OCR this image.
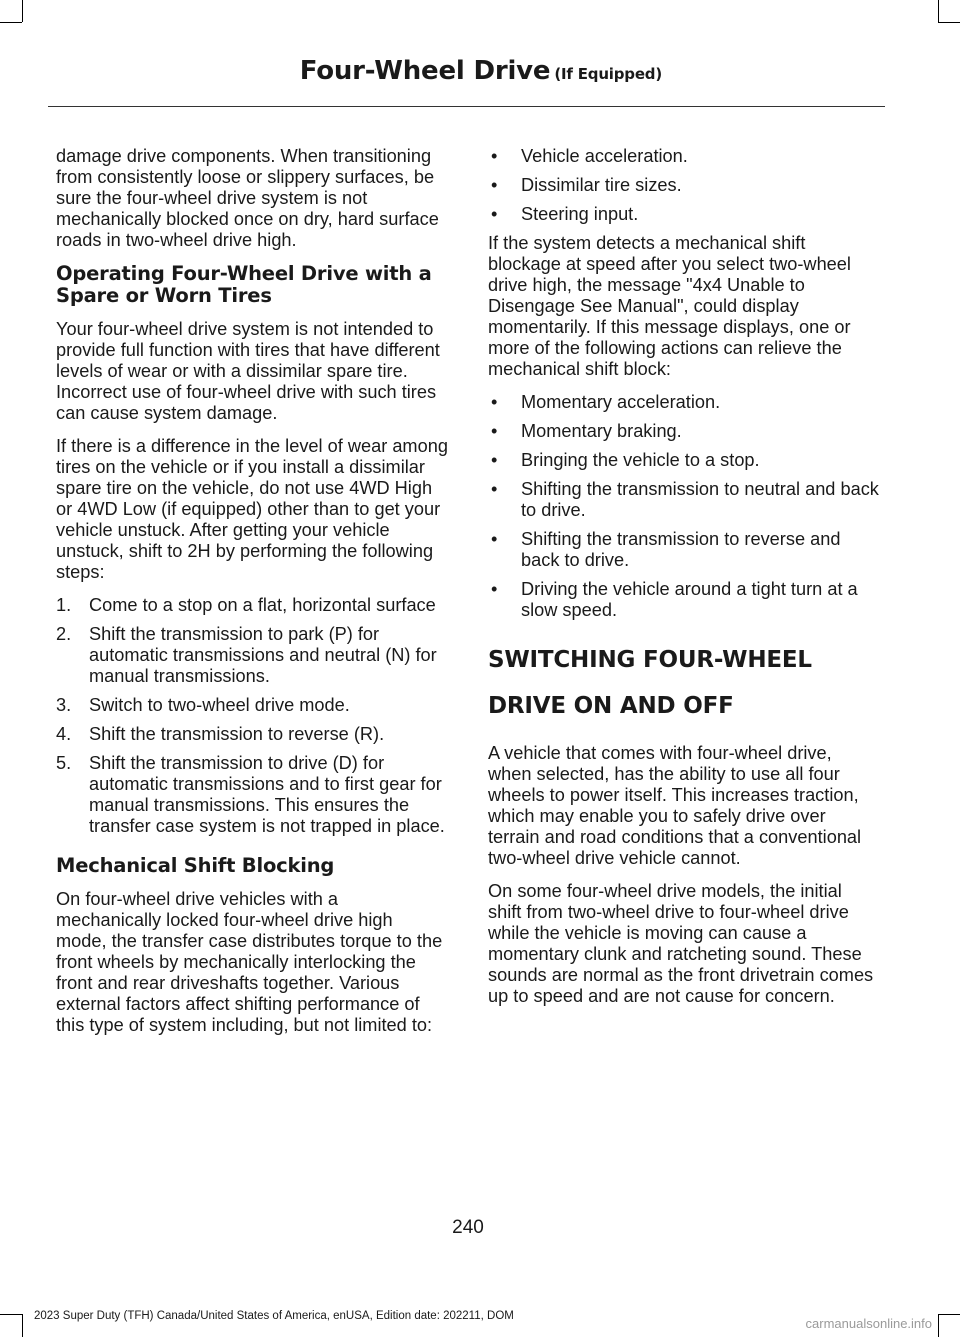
Four-Wheel Drive (If Equipped)

damage drive components. When transitioning from consistently loose or slippery surfaces, be sure the four-wheel drive system is not mechanically blocked once on dry, hard surface roads in two-wheel drive high.

Operating Four-Wheel Drive with a Spare or Worn Tires

Your four-wheel drive system is not intended to provide full function with tires that have different levels of wear or with a dissimilar spare tire. Incorrect use of four-wheel drive with such tires can cause system damage.

If there is a difference in the level of wear among tires on the vehicle or if you install a dissimilar spare tire on the vehicle, do not use 4WD High or 4WD Low (if equipped) other than to get your vehicle unstuck. After getting your vehicle unstuck, shift to 2H by performing the following steps:

1. Come to a stop on a flat, horizontal surface
2. Shift the transmission to park (P) for automatic transmissions and neutral (N) for manual transmissions.
3. Switch to two-wheel drive mode.
4. Shift the transmission to reverse (R).
5. Shift the transmission to drive (D) for automatic transmissions and to first gear for manual transmissions. This ensures the transfer case system is not trapped in place.
Mechanical Shift Blocking

On four-wheel drive vehicles with a mechanically locked four-wheel drive high mode, the transfer case distributes torque to the front wheels by mechanically interlocking the front and rear driveshafts together. Various external factors affect shifting performance of this type of system including, but not limited to:

• Vehicle acceleration.
• Dissimilar tire sizes.
• Steering input.

If the system detects a mechanical shift blockage at speed after you select two-wheel drive high, the message "4x4 Unable to Disengage See Manual", could display momentarily. If this message displays, one or more of the following actions can relieve the mechanical shift block:

• Momentary acceleration.
• Momentary braking.
• Bringing the vehicle to a stop.
• Shifting the transmission to neutral and back to drive.
• Shifting the transmission to reverse and back to drive.
• Driving the vehicle around a tight turn at a slow speed.
SWITCHING FOUR-WHEEL
DRIVE ON AND OFF

A vehicle that comes with four-wheel drive, when selected, has the ability to use all four wheels to power itself. This increases traction, which may enable you to safely drive over terrain and road conditions that a conventional two-wheel drive vehicle cannot.

On some four-wheel drive models, the initial shift from two-wheel drive to four-wheel drive while the vehicle is moving can cause a momentary clunk and ratcheting sound. These sounds are normal as the front drivetrain comes up to speed and are not cause for concern.

240
2023 Super Duty (TFH) Canada/United States of America, enUSA, Edition date: 202211, DOM	carmanualsonline.info
